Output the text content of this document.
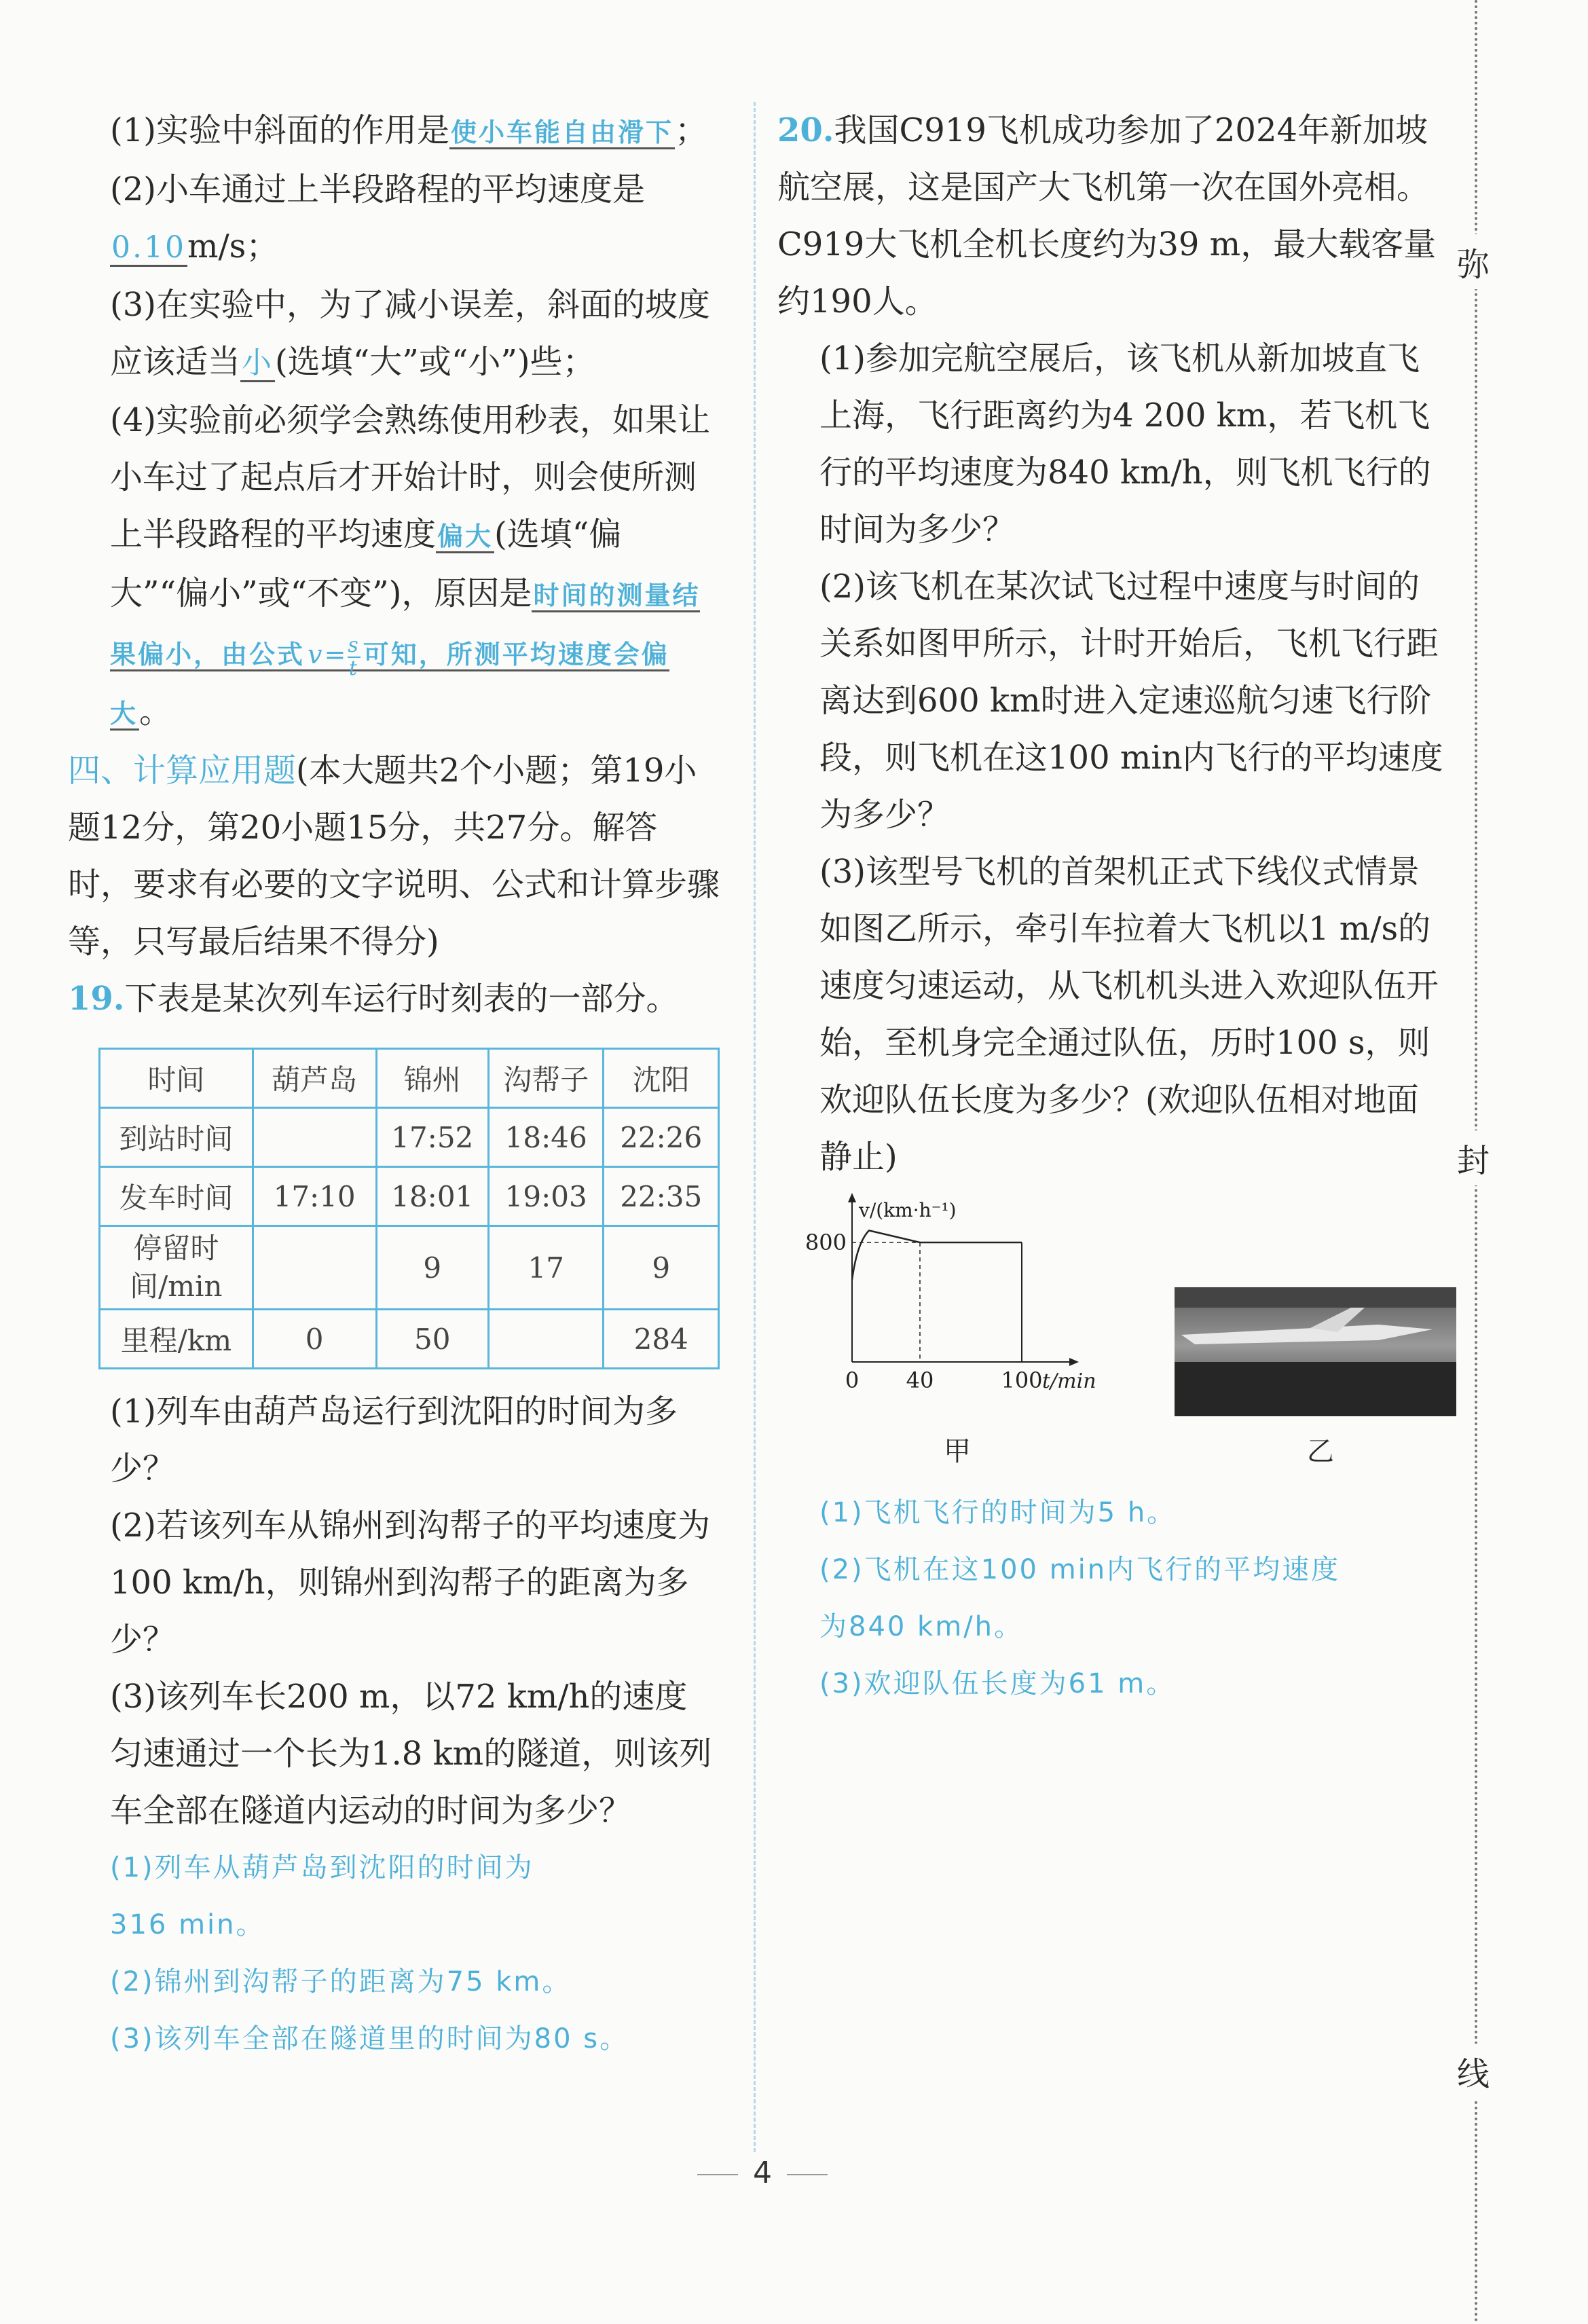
(1)实验中斜面的作用是使小车能自由滑下；

(2)小车通过上半段路程的平均速度是0.10m/s；

(3)在实验中，为了减小误差，斜面的坡度应该适当小(选填“大”或“小”)些；

(4)实验前必须学会熟练使用秒表，如果让小车过了起点后才开始计时，则会使所测上半段路程的平均速度偏大(选填“偏大”“偏小”或“不变”)，原因是时间的测量结果偏小，由公式 $v= \frac{s}{t}$ 可知，所测平均速度会偏大。

四、计算应用题(本大题共2个小题；第19小题12分，第20小题15分，共27分。解答时，要求有必要的文字说明、公式和计算步骤等，只写最后结果不得分)

19.下表是某次列车运行时刻表的一部分。

时间	葫芦岛	锦州	沟帮子	沈阳
到站时间		17:52	18:46	22:26
发车时间	17:10	18:01	19:03	22:35
停留时间/min		9	17	9
里程/km	0	50		284

(1)列车由葫芦岛运行到沈阳的时间为多少？

(2)若该列车从锦州到沟帮子的平均速度为100 km/h，则锦州到沟帮子的距离为多少？

(3)该列车长200 m，以72 km/h的速度匀速通过一个长为1.8 km的隧道，则该列车全部在隧道内运动的时间为多少？

(1)列车从葫芦岛到沈阳的时间为

316 min。

(2)锦州到沟帮子的距离为75 km。

(3)该列车全部在隧道里的时间为80 s。

20.我国C919飞机成功参加了2024年新加坡航空展，这是国产大飞机第一次在国外亮相。C919大飞机全机长度约为39 m，最大载客量约190人。

(1)参加完航空展后，该飞机从新加坡直飞上海，飞行距离约为4 200 km，若飞机飞行的平均速度为840 km/h，则飞机飞行的时间为多少？

(2)该飞机在某次试飞过程中速度与时间的关系如图甲所示，计时开始后，飞机飞行距离达到600 km时进入定速巡航匀速飞行阶段，则飞机在这100 min内飞行的平均速度为多少？

(3)该型号飞机的首架机正式下线仪式情景如图乙所示，牵引车拉着大飞机以1 m/s的速度匀速运动，从飞机机头进入欢迎队伍开始，至机身完全通过队伍，历时100 s，则欢迎队伍长度为多少？(欢迎队伍相对地面静止)

0 40	100
800
t/min
v/(km·h⁻¹)
甲	乙

(1)飞机飞行的时间为5 h。

(2)飞机在这100 min内飞行的平均速度

为840 km/h。

(3)欢迎队伍长度为61 m。

4
弥
封
线
